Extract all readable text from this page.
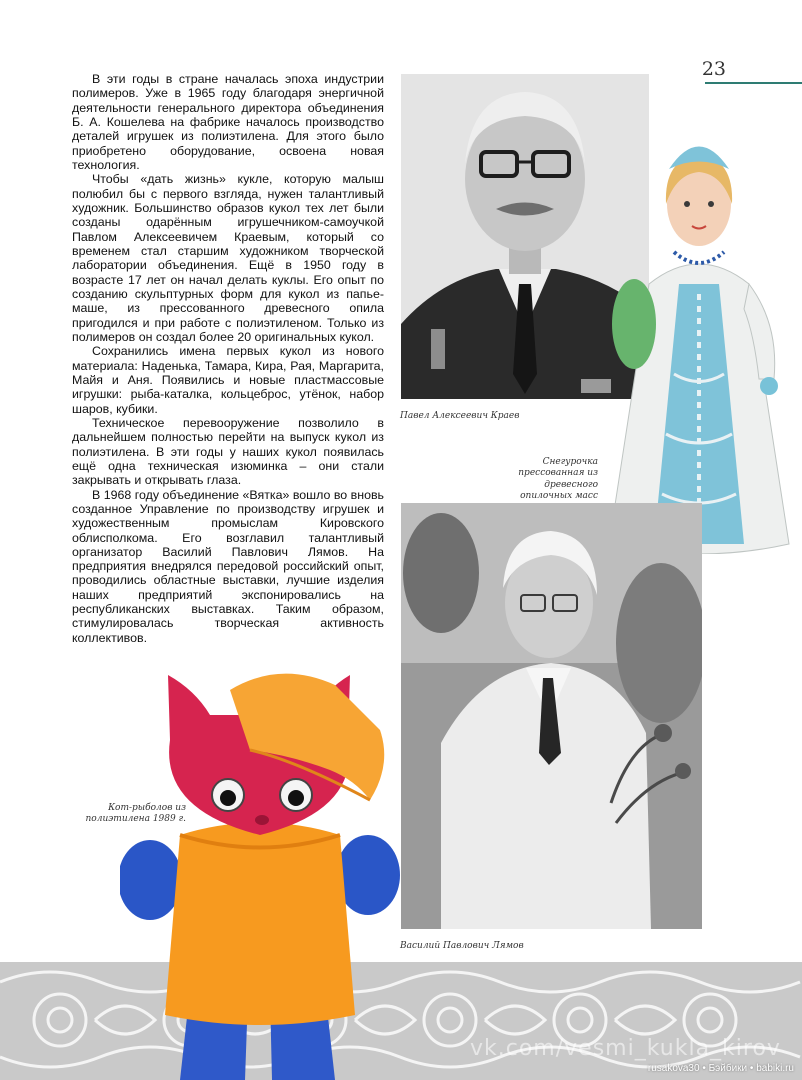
23

В эти годы в стране началась эпоха индустрии полимеров. Уже в 1965 году благодаря энергичной деятельности генерального директора объединения Б. А. Кошелева на фабрике началось производство деталей игрушек из полиэтилена. Для этого было приобретено оборудование, освоена новая технология.

Чтобы «дать жизнь» кукле, которую малыш полюбил бы с первого взгляда, нужен талантливый художник. Большинство образов кукол тех лет были созданы одарённым игрушечником-самоучкой Павлом Алексеевичем Краевым, который со временем стал старшим художником творческой лаборатории объединения. Ещё в 1950 году в возрасте 17 лет он начал делать куклы. Его опыт по созданию скульптурных форм для кукол из папье-маше, из прессованного древесного опила пригодился и при работе с полиэтиленом. Только из полимеров он создал более 20 оригинальных кукол.

Сохранились имена первых кукол из нового материала: Наденька, Тамара, Кира, Рая, Маргарита, Майя и Аня. Появились и новые пластмассовые игрушки: рыба-каталка, кольцеброс, утёнок, набор шаров, кубики.

Техническое перевооружение позволило в дальнейшем полностью перейти на выпуск кукол из полиэтилена. В эти годы у наших кукол появилась ещё одна техническая изюминка – они стали закрывать и открывать глаза.

В 1968 году объединение «Вятка» вошло во вновь созданное Управление по производству игрушек и художественным промыслам Кировского облисполкома. Его возглавил талантливый организатор Василий Павлович Лямов. На предприятия внедрялся передовой российский опыт, проводились областные выставки, лучшие изделия наших предприятий экспонировались на республиканских выставках. Таким образом, стимулировалась творческая активность коллективов.

Павел Алексеевич Краев
Снегурочка прессованная из древесного опилочных масс
Кот-рыболов из полиэтилена 1989 г.
Василий Павлович Лямов
vk.com/vesmi_kukla_kirov
rusakova30 • Бэйбики • babiki.ru
